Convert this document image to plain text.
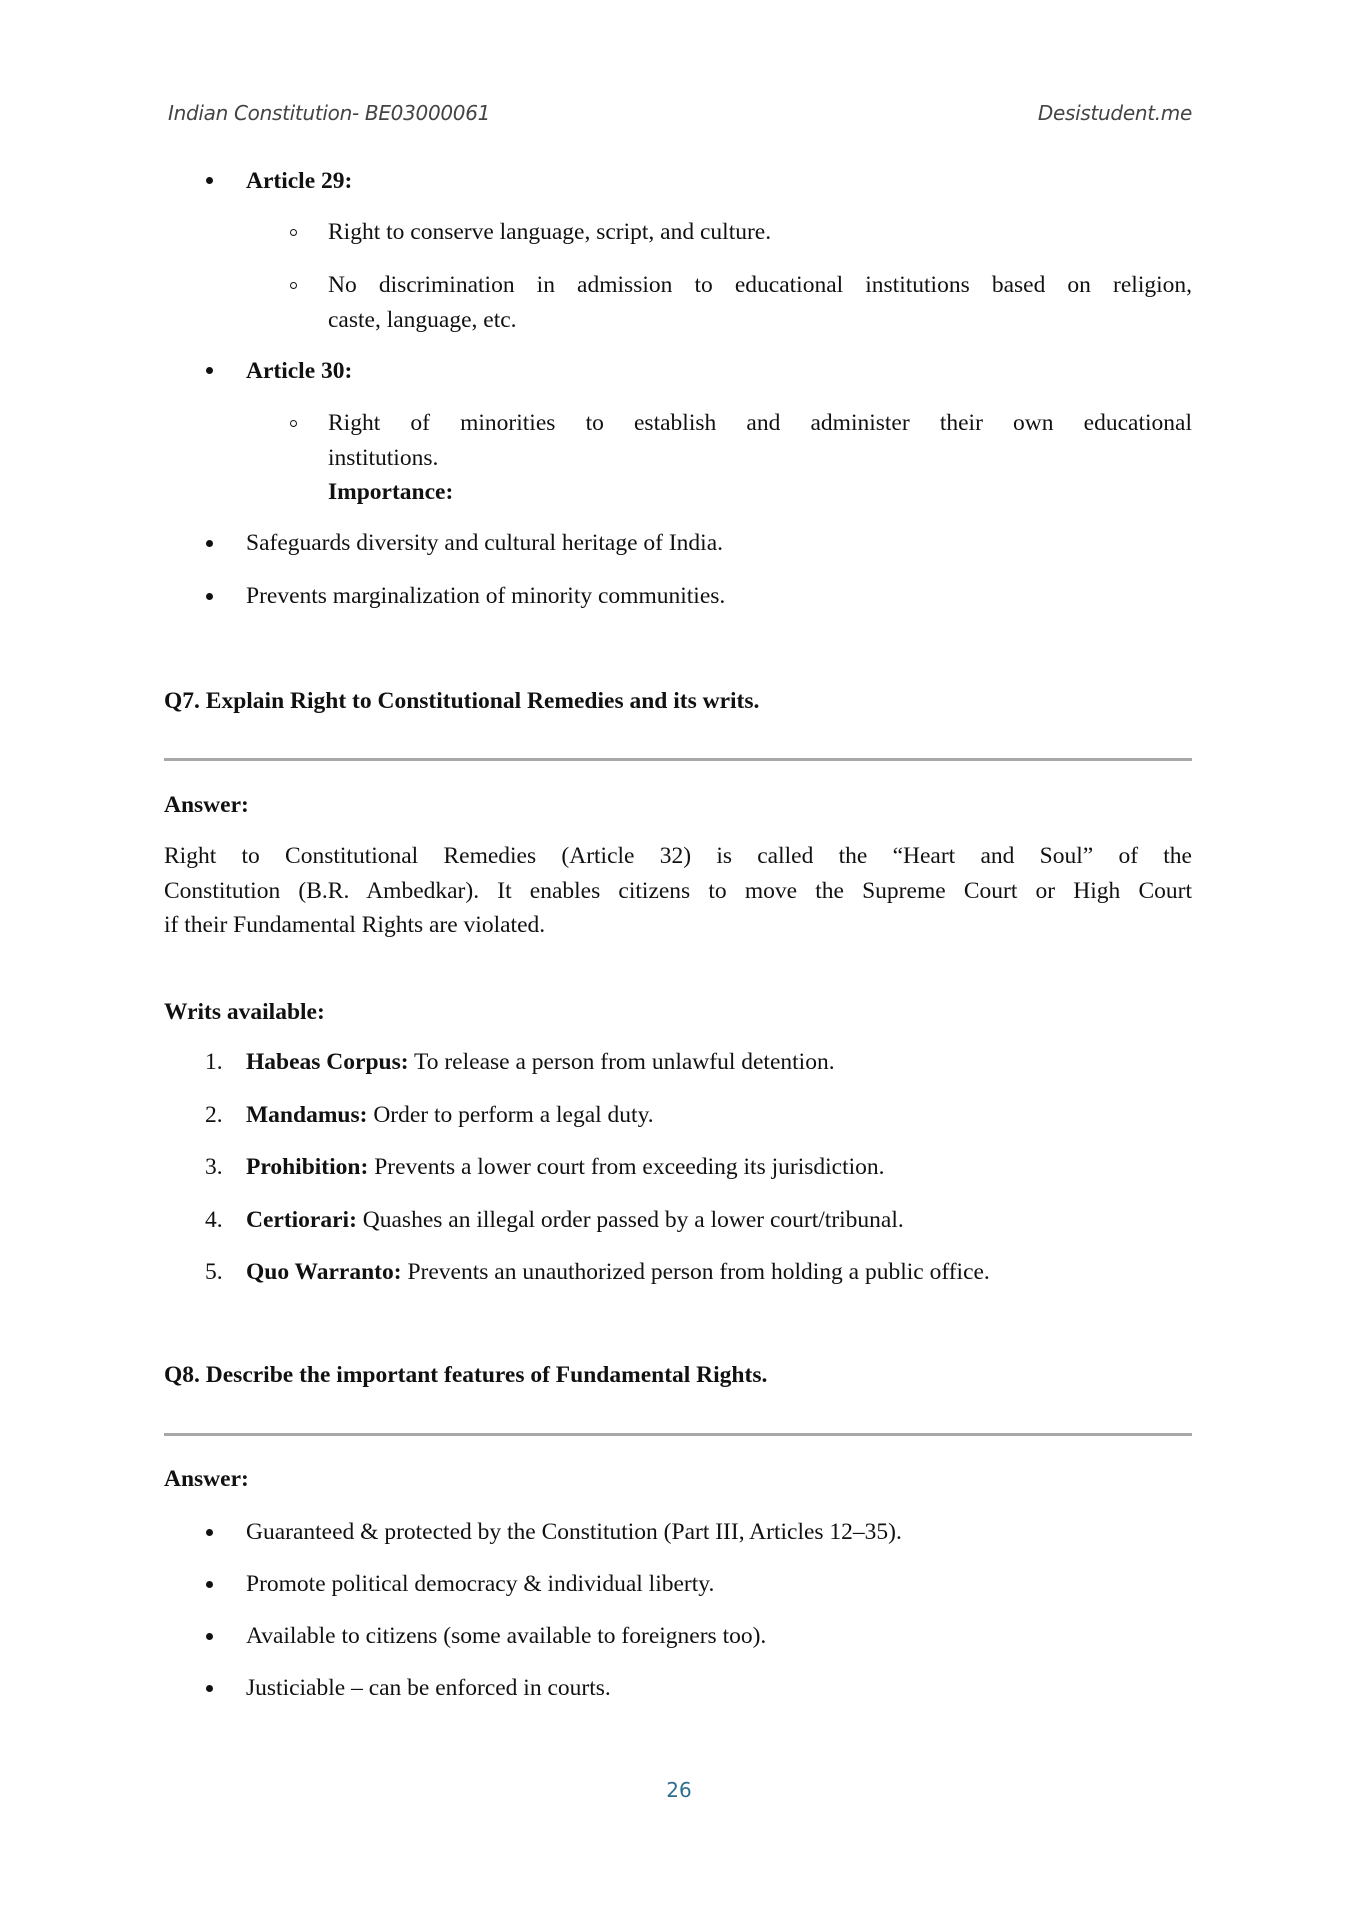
Indian Constitution- BE03000061	Desistudent.me
Article 29:
Right to conserve language, script, and culture.
No discrimination in admission to educational institutions based on religion,
caste, language, etc.
Article 30:
Right of minorities to establish and administer their own educational
institutions.
Importance:
Safeguards diversity and cultural heritage of India.
Prevents marginalization of minority communities.
Q7. Explain Right to Constitutional Remedies and its writs.
Answer:
Right to Constitutional Remedies (Article 32) is called the “Heart and Soul” of the
Constitution (B.R. Ambedkar). It enables citizens to move the Supreme Court or High Court
if their Fundamental Rights are violated.
Writs available:
1. Habeas Corpus: To release a person from unlawful detention.
2. Mandamus: Order to perform a legal duty.
3. Prohibition: Prevents a lower court from exceeding its jurisdiction.
4. Certiorari: Quashes an illegal order passed by a lower court/tribunal.
5. Quo Warranto: Prevents an unauthorized person from holding a public office.
Q8. Describe the important features of Fundamental Rights.
Answer:
Guaranteed & protected by the Constitution (Part III, Articles 12–35).
Promote political democracy & individual liberty.
Available to citizens (some available to foreigners too).
Justiciable – can be enforced in courts.
26
